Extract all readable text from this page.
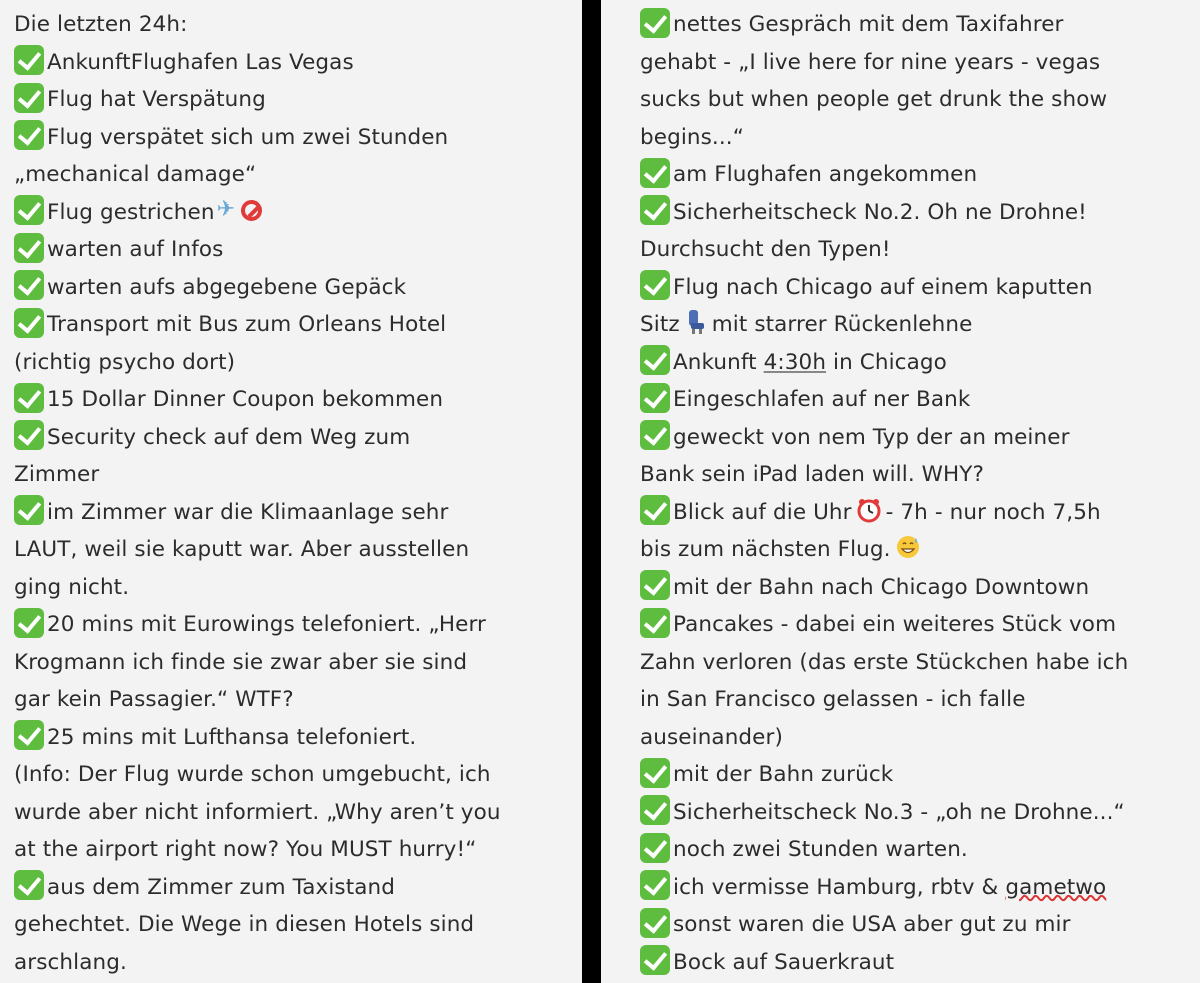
Die letzten 24h:
AnkunftFlughafen Las Vegas
Flug hat Verspätung
Flug verspätet sich um zwei Stunden
„mechanical damage“
Flug gestrichen✈
warten auf Infos
warten aufs abgegebene Gepäck
Transport mit Bus zum Orleans Hotel
(richtig psycho dort)
15 Dollar Dinner Coupon bekommen
Security check auf dem Weg zum
Zimmer
im Zimmer war die Klimaanlage sehr
LAUT, weil sie kaputt war. Aber ausstellen
ging nicht.
20 mins mit Eurowings telefoniert. „Herr
Krogmann ich finde sie zwar aber sie sind
gar kein Passagier.“ WTF?
25 mins mit Lufthansa telefoniert.
(Info: Der Flug wurde schon umgebucht, ich
wurde aber nicht informiert. „Why aren’t you
at the airport right now? You MUST hurry!“
aus dem Zimmer zum Taxistand
gehechtet. Die Wege in diesen Hotels sind
arschlang.
nettes Gespräch mit dem Taxifahrer
gehabt - „I live here for nine years - vegas
sucks but when people get drunk the show
begins...“
am Flughafen angekommen
Sicherheitscheck No.2. Oh ne Drohne!
Durchsucht den Typen!
Flug nach Chicago auf einem kaputten
Sitz mit starrer Rückenlehne
Ankunft 4:30h in Chicago
Eingeschlafen auf ner Bank
geweckt von nem Typ der an meiner
Bank sein iPad laden will. WHY?
Blick auf die Uhr - 7h - nur noch 7,5h
bis zum nächsten Flug.
mit der Bahn nach Chicago Downtown
Pancakes - dabei ein weiteres Stück vom
Zahn verloren (das erste Stückchen habe ich
in San Francisco gelassen - ich falle
auseinander)
mit der Bahn zurück
Sicherheitscheck No.3 - „oh ne Drohne...“
noch zwei Stunden warten.
ich vermisse Hamburg, rbtv & gametwo
sonst waren die USA aber gut zu mir
Bock auf Sauerkraut
